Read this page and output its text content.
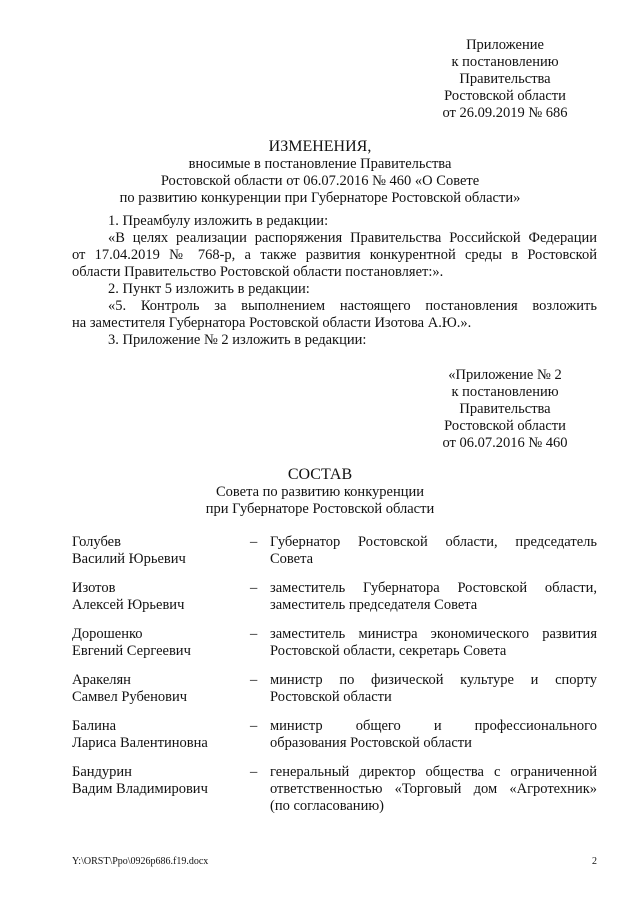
Приложение
к постановлению
Правительства
Ростовской области
от 26.09.2019 № 686
ИЗМЕНЕНИЯ,
вносимые в постановление Правительства
Ростовской области от 06.07.2016 № 460 «О Совете
по развитию конкуренции при Губернаторе Ростовской области»
1. Преамбулу изложить в редакции:
«В целях реализации распоряжения Правительства Российской Федерации
от 17.04.2019 № 768-р, а также развития конкурентной среды в Ростовской
области Правительство Ростовской области постановляет:».
2. Пункт 5 изложить в редакции:
«5. Контроль за выполнением настоящего постановления возложить
на заместителя Губернатора Ростовской области Изотова А.Ю.».
3. Приложение № 2 изложить в редакции:
«Приложение № 2
к постановлению
Правительства
Ростовской области
от 06.07.2016 № 460
СОСТАВ
Совета по развитию конкуренции
при Губернаторе Ростовской области
Голубев
Василий Юрьевич
– Губернатор Ростовской области, председатель
Совета
Изотов
Алексей Юрьевич
– заместитель Губернатора Ростовской области,
заместитель председателя Совета
Дорошенко
Евгений Сергеевич
– заместитель министра экономического развития
Ростовской области, секретарь Совета
Аракелян
Самвел Рубенович
– министр по физической культуре и спорту
Ростовской области
Балина
Лариса Валентиновна
– министр общего и профессионального
образования Ростовской области
Бандурин
Вадим Владимирович
– генеральный директор общества с ограниченной
ответственностью «Торговый дом «Агротехник»
(по согласованию)
Y:\ORST\Ppo\0926p686.f19.docx	2
